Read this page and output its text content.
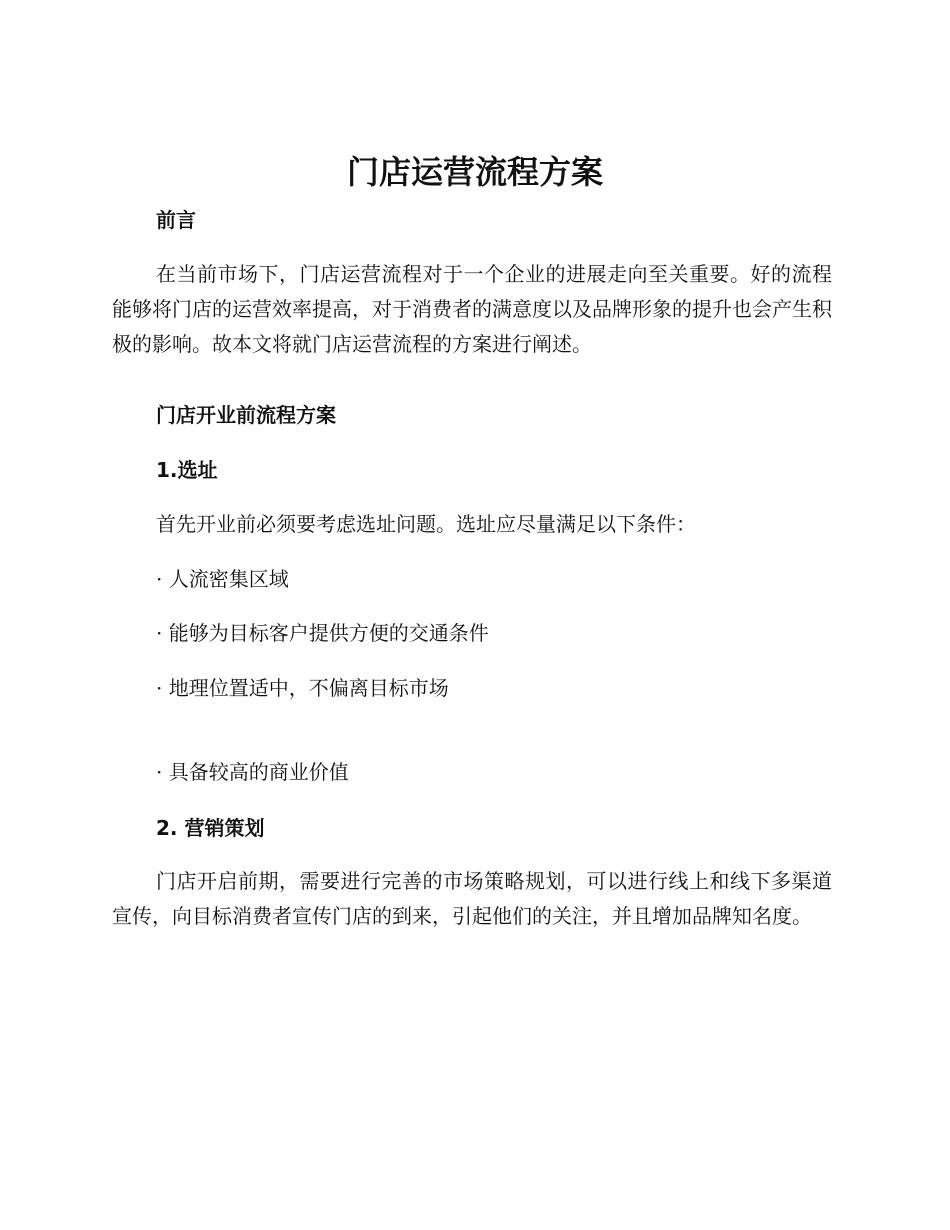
门店运营流程方案
前言

在当前市场下，门店运营流程对于一个企业的进展走向至关重要。好的流程能够将门店的运营效率提高，对于消费者的满意度以及品牌形象的提升也会产生积极的影响。故本文将就门店运营流程的方案进行阐述。

门店开业前流程方案
1.选址
首先开业前必须要考虑选址问题。选址应尽量满足以下条件：
· 人流密集区域
· 能够为目标客户提供方便的交通条件
· 地理位置适中，不偏离目标市场
· 具备较高的商业价值
2. 营销策划

门店开启前期，需要进行完善的市场策略规划，可以进行线上和线下多渠道宣传，向目标消费者宣传门店的到来，引起他们的关注，并且增加品牌知名度。
